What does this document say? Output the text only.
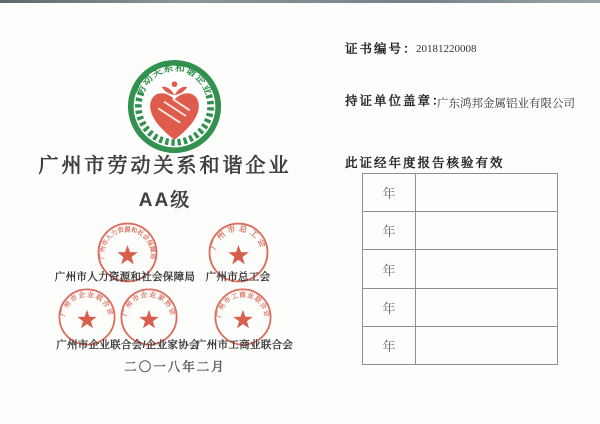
劳动关系和谐企业
广州市劳动关系和谐企业
AA级
广州市人力资源和社会保障局
广州市总工会
广州市人力资源和社会保障局 广州市总工会
广州市企业联合会 广州市企业家协会	广州市工商业联合会
广州市企业联合会/企业家协会
广州市工商业联合会
二〇一八年二月
证书编号：
20181220008
持证单位盖章：
广东鸿邦金属铝业有限公司
此证经年度报告核验有效
年
年
年
年
年
